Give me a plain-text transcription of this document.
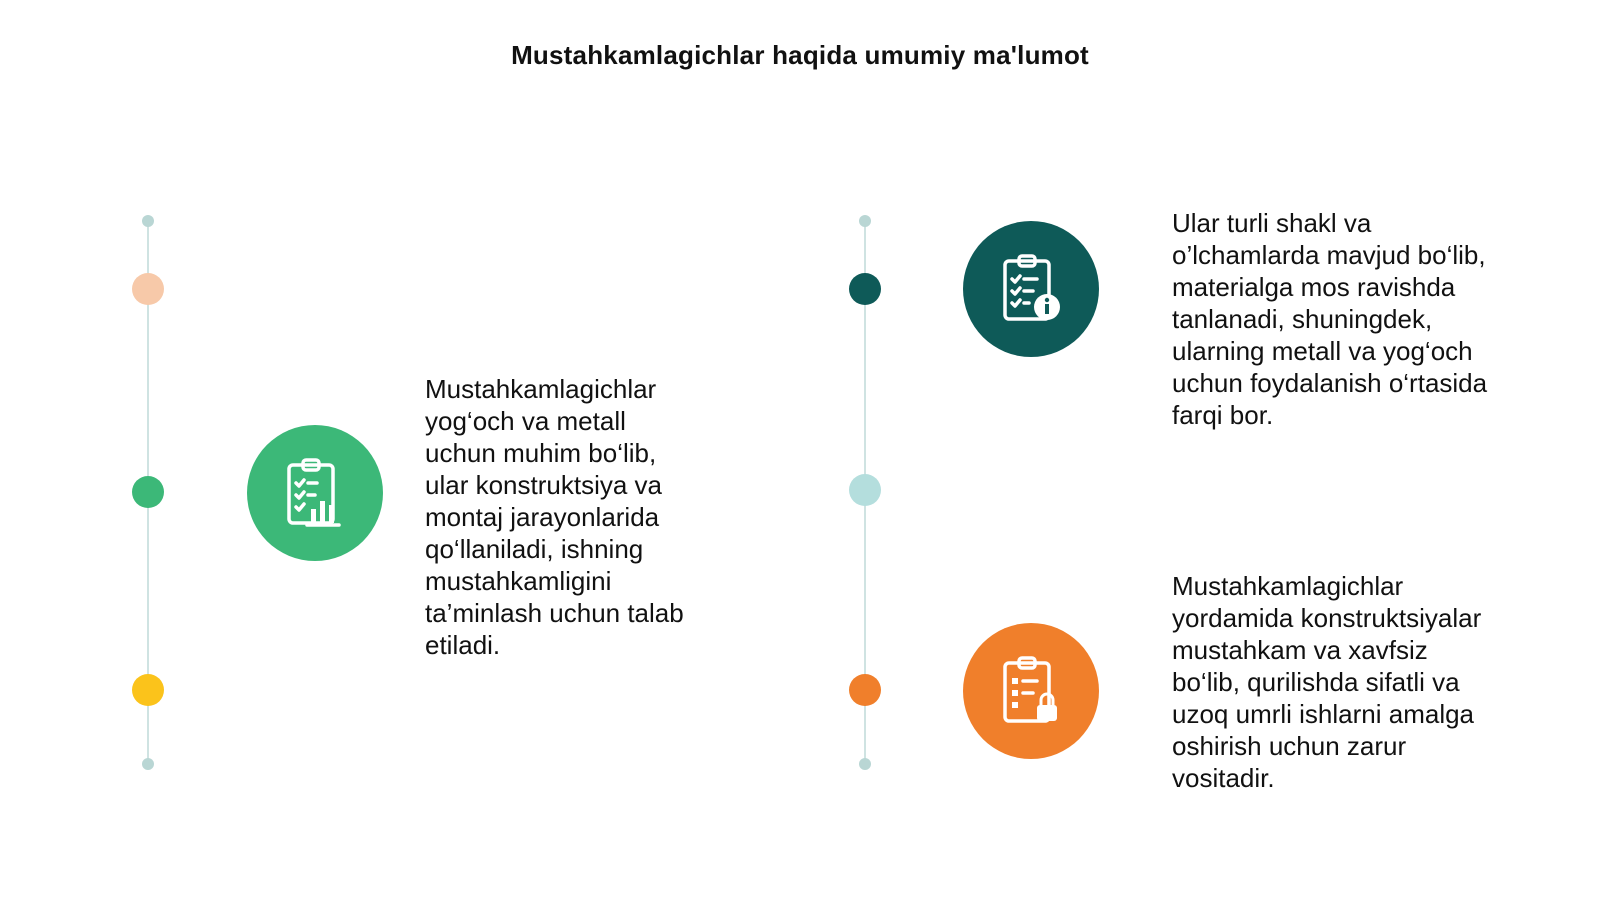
Mustahkamlagichlar haqida umumiy ma'lumot
Mustahkamlagichlar
yog‘och va metall
uchun muhim bo‘lib,
ular konstruktsiya va
montaj jarayonlarida
qo‘llaniladi, ishning
mustahkamligini
ta’minlash uchun talab
etiladi.
Ular turli shakl va
o’lchamlarda mavjud bo‘lib,
materialga mos ravishda
tanlanadi, shuningdek,
ularning metall va yog‘och
uchun foydalanish o‘rtasida
farqi bor.
Mustahkamlagichlar
yordamida konstruktsiyalar
mustahkam va xavfsiz
bo‘lib, qurilishda sifatli va
uzoq umrli ishlarni amalga
oshirish uchun zarur
vositadir.
